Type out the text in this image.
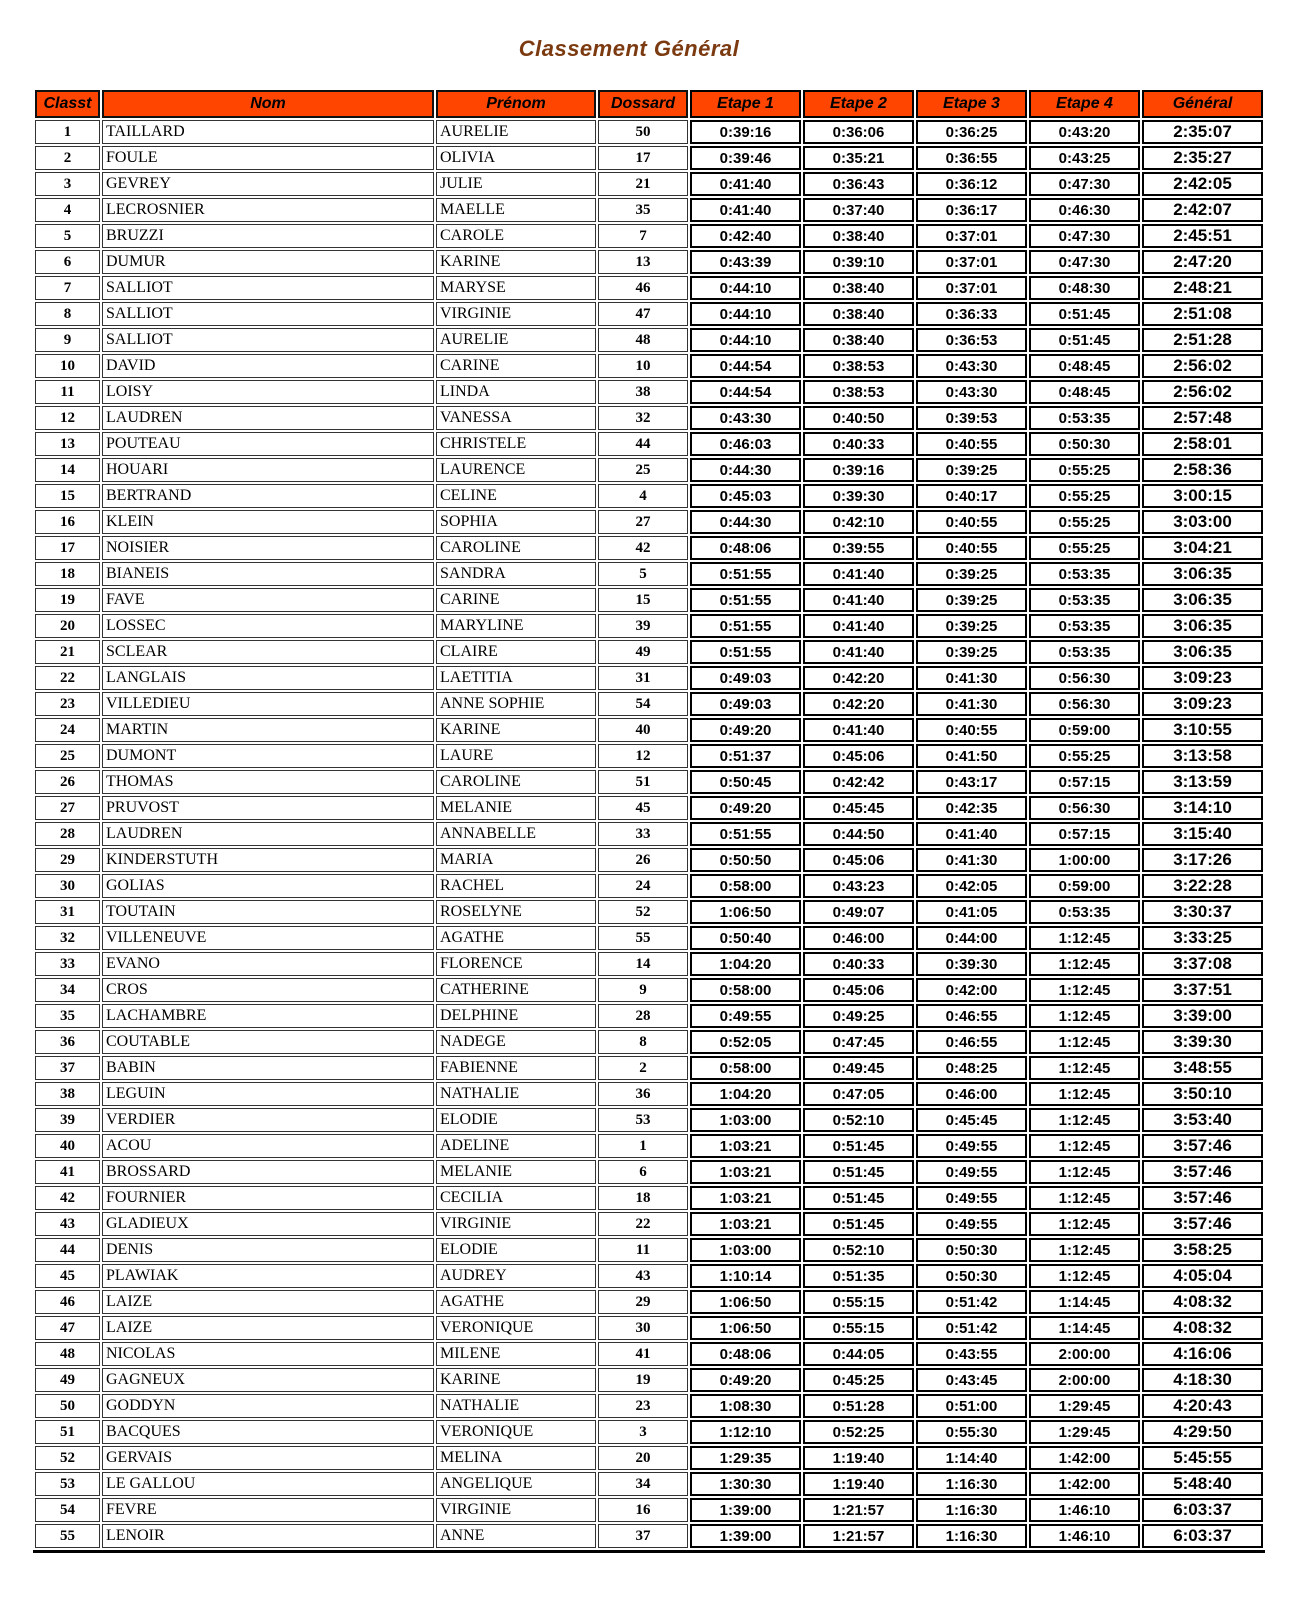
Classement Général
Classt	Nom	Prénom	Dossard	Etape 1	Etape 2	Etape 3	Etape 4	Général
1	TAILLARD	AURELIE	50	0:39:16	0:36:06	0:36:25	0:43:20	2:35:07
2	FOULE	OLIVIA	17	0:39:46	0:35:21	0:36:55	0:43:25	2:35:27
3	GEVREY	JULIE	21	0:41:40	0:36:43	0:36:12	0:47:30	2:42:05
4	LECROSNIER	MAELLE	35	0:41:40	0:37:40	0:36:17	0:46:30	2:42:07
5	BRUZZI	CAROLE	7	0:42:40	0:38:40	0:37:01	0:47:30	2:45:51
6	DUMUR	KARINE	13	0:43:39	0:39:10	0:37:01	0:47:30	2:47:20
7	SALLIOT	MARYSE	46	0:44:10	0:38:40	0:37:01	0:48:30	2:48:21
8	SALLIOT	VIRGINIE	47	0:44:10	0:38:40	0:36:33	0:51:45	2:51:08
9	SALLIOT	AURELIE	48	0:44:10	0:38:40	0:36:53	0:51:45	2:51:28
10	DAVID	CARINE	10	0:44:54	0:38:53	0:43:30	0:48:45	2:56:02
11	LOISY	LINDA	38	0:44:54	0:38:53	0:43:30	0:48:45	2:56:02
12	LAUDREN	VANESSA	32	0:43:30	0:40:50	0:39:53	0:53:35	2:57:48
13	POUTEAU	CHRISTELE	44	0:46:03	0:40:33	0:40:55	0:50:30	2:58:01
14	HOUARI	LAURENCE	25	0:44:30	0:39:16	0:39:25	0:55:25	2:58:36
15	BERTRAND	CELINE	4	0:45:03	0:39:30	0:40:17	0:55:25	3:00:15
16	KLEIN	SOPHIA	27	0:44:30	0:42:10	0:40:55	0:55:25	3:03:00
17	NOISIER	CAROLINE	42	0:48:06	0:39:55	0:40:55	0:55:25	3:04:21
18	BIANEIS	SANDRA	5	0:51:55	0:41:40	0:39:25	0:53:35	3:06:35
19	FAVE	CARINE	15	0:51:55	0:41:40	0:39:25	0:53:35	3:06:35
20	LOSSEC	MARYLINE	39	0:51:55	0:41:40	0:39:25	0:53:35	3:06:35
21	SCLEAR	CLAIRE	49	0:51:55	0:41:40	0:39:25	0:53:35	3:06:35
22	LANGLAIS	LAETITIA	31	0:49:03	0:42:20	0:41:30	0:56:30	3:09:23
23	VILLEDIEU	ANNE SOPHIE	54	0:49:03	0:42:20	0:41:30	0:56:30	3:09:23
24	MARTIN	KARINE	40	0:49:20	0:41:40	0:40:55	0:59:00	3:10:55
25	DUMONT	LAURE	12	0:51:37	0:45:06	0:41:50	0:55:25	3:13:58
26	THOMAS	CAROLINE	51	0:50:45	0:42:42	0:43:17	0:57:15	3:13:59
27	PRUVOST	MELANIE	45	0:49:20	0:45:45	0:42:35	0:56:30	3:14:10
28	LAUDREN	ANNABELLE	33	0:51:55	0:44:50	0:41:40	0:57:15	3:15:40
29	KINDERSTUTH	MARIA	26	0:50:50	0:45:06	0:41:30	1:00:00	3:17:26
30	GOLIAS	RACHEL	24	0:58:00	0:43:23	0:42:05	0:59:00	3:22:28
31	TOUTAIN	ROSELYNE	52	1:06:50	0:49:07	0:41:05	0:53:35	3:30:37
32	VILLENEUVE	AGATHE	55	0:50:40	0:46:00	0:44:00	1:12:45	3:33:25
33	EVANO	FLORENCE	14	1:04:20	0:40:33	0:39:30	1:12:45	3:37:08
34	CROS	CATHERINE	9	0:58:00	0:45:06	0:42:00	1:12:45	3:37:51
35	LACHAMBRE	DELPHINE	28	0:49:55	0:49:25	0:46:55	1:12:45	3:39:00
36	COUTABLE	NADEGE	8	0:52:05	0:47:45	0:46:55	1:12:45	3:39:30
37	BABIN	FABIENNE	2	0:58:00	0:49:45	0:48:25	1:12:45	3:48:55
38	LEGUIN	NATHALIE	36	1:04:20	0:47:05	0:46:00	1:12:45	3:50:10
39	VERDIER	ELODIE	53	1:03:00	0:52:10	0:45:45	1:12:45	3:53:40
40	ACOU	ADELINE	1	1:03:21	0:51:45	0:49:55	1:12:45	3:57:46
41	BROSSARD	MELANIE	6	1:03:21	0:51:45	0:49:55	1:12:45	3:57:46
42	FOURNIER	CECILIA	18	1:03:21	0:51:45	0:49:55	1:12:45	3:57:46
43	GLADIEUX	VIRGINIE	22	1:03:21	0:51:45	0:49:55	1:12:45	3:57:46
44	DENIS	ELODIE	11	1:03:00	0:52:10	0:50:30	1:12:45	3:58:25
45	PLAWIAK	AUDREY	43	1:10:14	0:51:35	0:50:30	1:12:45	4:05:04
46	LAIZE	AGATHE	29	1:06:50	0:55:15	0:51:42	1:14:45	4:08:32
47	LAIZE	VERONIQUE	30	1:06:50	0:55:15	0:51:42	1:14:45	4:08:32
48	NICOLAS	MILENE	41	0:48:06	0:44:05	0:43:55	2:00:00	4:16:06
49	GAGNEUX	KARINE	19	0:49:20	0:45:25	0:43:45	2:00:00	4:18:30
50	GODDYN	NATHALIE	23	1:08:30	0:51:28	0:51:00	1:29:45	4:20:43
51	BACQUES	VERONIQUE	3	1:12:10	0:52:25	0:55:30	1:29:45	4:29:50
52	GERVAIS	MELINA	20	1:29:35	1:19:40	1:14:40	1:42:00	5:45:55
53	LE GALLOU	ANGELIQUE	34	1:30:30	1:19:40	1:16:30	1:42:00	5:48:40
54	FEVRE	VIRGINIE	16	1:39:00	1:21:57	1:16:30	1:46:10	6:03:37
55	LENOIR	ANNE	37	1:39:00	1:21:57	1:16:30	1:46:10	6:03:37
